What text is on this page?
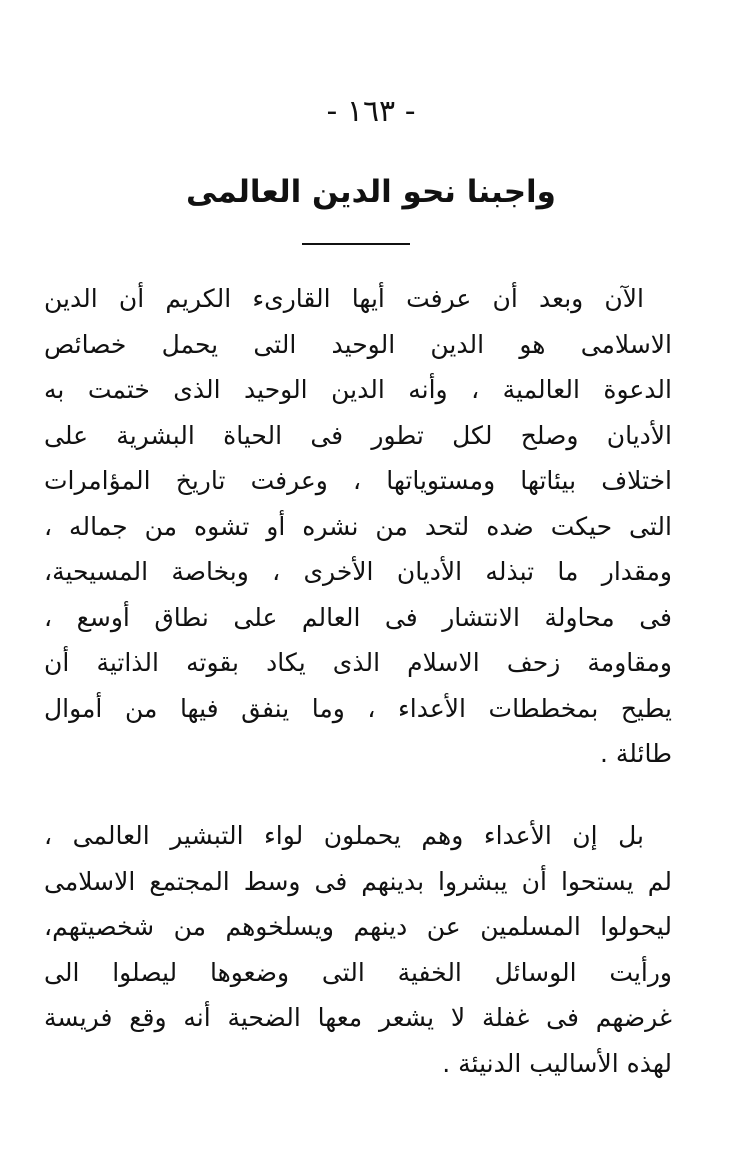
- ١٦٣ -
واجبنا نحو الدين العالمى
الآن وبعد أن عرفت أيها القارىء الكريم أن الدين
الاسلامى هو الدين الوحيد التى يحمل خصائص
الدعوة العالمية ، وأنه الدين الوحيد الذى ختمت به
الأديان وصلح لكل تطور فى الحياة البشرية على
اختلاف بيئاتها ومستوياتها ، وعرفت تاريخ المؤامرات
التى حيكت ضده لتحد من نشره أو تشوه من جماله ،
ومقدار ما تبذله الأديان الأخرى ، وبخاصة المسيحية،
فى محاولة الانتشار فى العالم على نطاق أوسع ،
ومقاومة زحف الاسلام الذى يكاد بقوته الذاتية أن
يطيح بمخططات الأعداء ، وما ينفق فيها من أموال
طائلة .
بل إن الأعداء وهم يحملون لواء التبشير العالمى ،
لم يستحوا أن يبشروا بدينهم فى وسط المجتمع الاسلامى
ليحولوا المسلمين عن دينهم ويسلخوهم من شخصيتهم،
ورأيت الوسائل الخفية التى وضعوها ليصلوا الى
غرضهم فى غفلة لا يشعر معها الضحية أنه وقع فريسة
لهذه الأساليب الدنيئة .
